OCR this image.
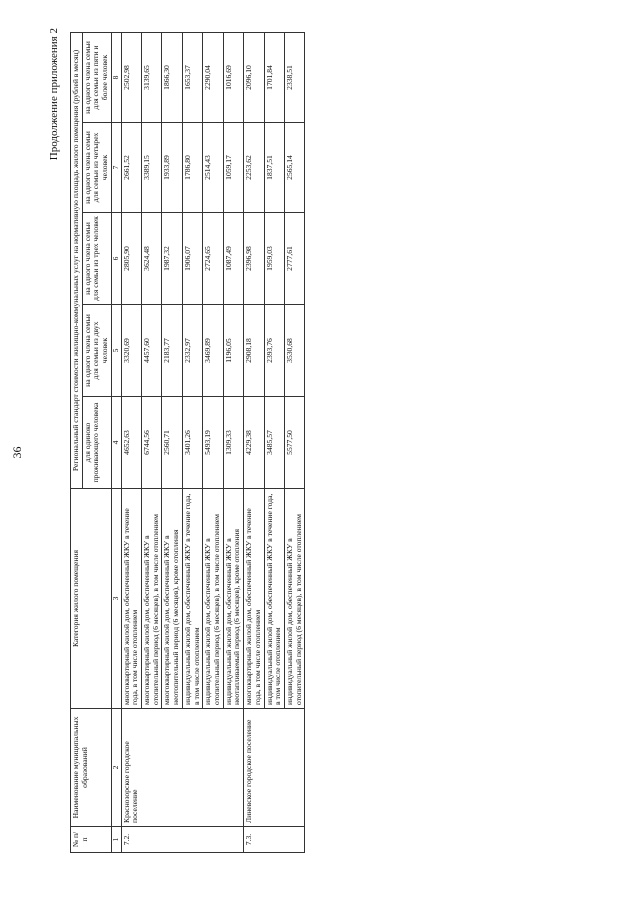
36
Продолжение приложения 2
№ п/п	Наименование муниципальных образований	Категория жилого помещения	Региональный стандарт стоимости жилищно-коммунальных услуг на нормативную площадь жилого помещения (рублей в месяц)				
			для одиноко проживающего человека	на одного члена семьи для семьи из двух человек	на одного члена семьи для семьи из трех человек	на одного члена семьи для семьи из четырех человек	на одного члена семьи для семьи из пяти и более человек
1	2	3	4	5	6	7	8
7.2.	Краснозорское городское поселение	многоквартирный жилой дом, обеспеченный ЖКУ в течение года, в том числе отоплением	4652,63	3320,69	2805,90	2661,52	2502,98
		многоквартирный жилой дом, обеспеченный ЖКУ в отопительный период (6 месяцев), в том числе отоплением	6744,56	4457,60	3624,48	3389,15	3139,65
		многоквартирный жилой дом, обеспеченный ЖКУ в неотопительный период (6 месяцев), кроме отопления	2560,71	2183,77	1987,32	1933,89	1866,30
		индивидуальный жилой дом, обеспеченный ЖКУ в течение года, в том числе отоплением	3401,26	2332,97	1906,07	1786,80	1653,37
		индивидуальный жилой дом, обеспеченный ЖКУ в отопительный период (6 месяцев), в том числе отоплением	5493,19	3469,89	2724,65	2514,43	2290,04
		индивидуальный жилой дом, обеспеченный ЖКУ в неотапливаемый период (6 месяцев), кроме отопления	1309,33	1196,05	1087,49	1059,17	1016,69
7.3.	Линевское городское поселение	многоквартирный жилой дом, обеспеченный ЖКУ в течение года, в том числе отоплением	4229,38	2908,18	2396,98	2253,62	2096,10
		индивидуальный жилой дом, обеспеченный ЖКУ в течение года, в том числе отоплением	3485,57	2393,76	1959,03	1837,51	1701,84
		индивидуальный жилой дом, обеспеченный ЖКУ в отопительный период (6 месяцев), в том числе отоплением	5577,50	3530,68	2777,61	2565,14	2338,51
